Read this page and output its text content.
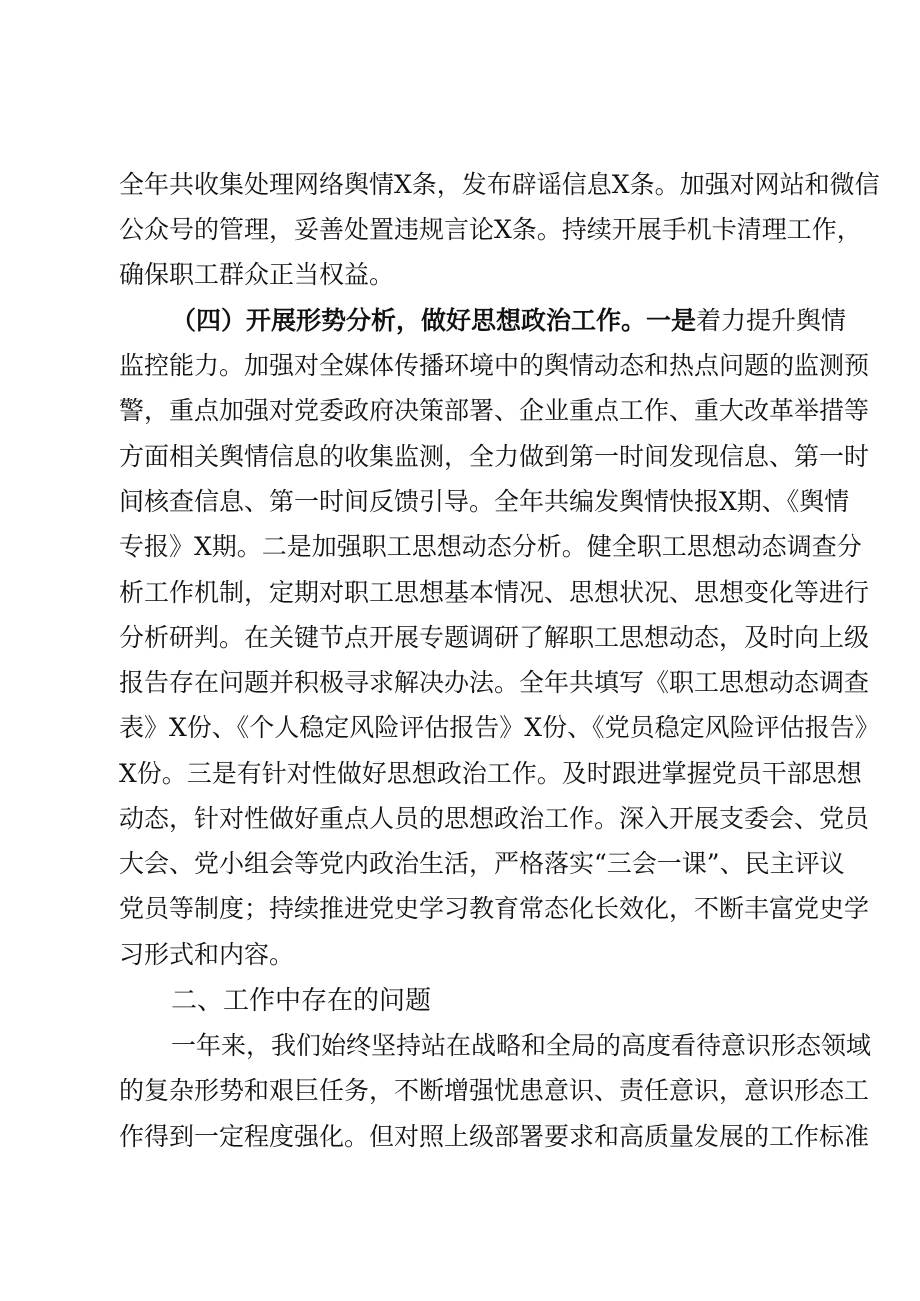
全年共收集处理网络舆情X条，发布辟谣信息X条。加强对网站和微信
公众号的管理，妥善处置违规言论X条。持续开展手机卡清理工作，
确保职工群众正当权益。
（四）开展形势分析，做好思想政治工作。一是着力提升舆情
监控能力。加强对全媒体传播环境中的舆情动态和热点问题的监测预
警，重点加强对党委政府决策部署、企业重点工作、重大改革举措等
方面相关舆情信息的收集监测，全力做到第一时间发现信息、第一时
间核查信息、第一时间反馈引导。全年共编发舆情快报X期、《舆情
专报》X期。二是加强职工思想动态分析。健全职工思想动态调查分
析工作机制，定期对职工思想基本情况、思想状况、思想变化等进行
分析研判。在关键节点开展专题调研了解职工思想动态，及时向上级
报告存在问题并积极寻求解决办法。全年共填写《职工思想动态调查
表》X份、《个人稳定风险评估报告》X份、《党员稳定风险评估报告》
X份。三是有针对性做好思想政治工作。及时跟进掌握党员干部思想
动态，针对性做好重点人员的思想政治工作。深入开展支委会、党员
大会、党小组会等党内政治生活，严格落实“三会一课”、民主评议
党员等制度；持续推进党史学习教育常态化长效化，不断丰富党史学
习形式和内容。
二、工作中存在的问题
一年来，我们始终坚持站在战略和全局的高度看待意识形态领域
的复杂形势和艰巨任务，不断增强忧患意识、责任意识，意识形态工
作得到一定程度强化。但对照上级部署要求和高质量发展的工作标准
